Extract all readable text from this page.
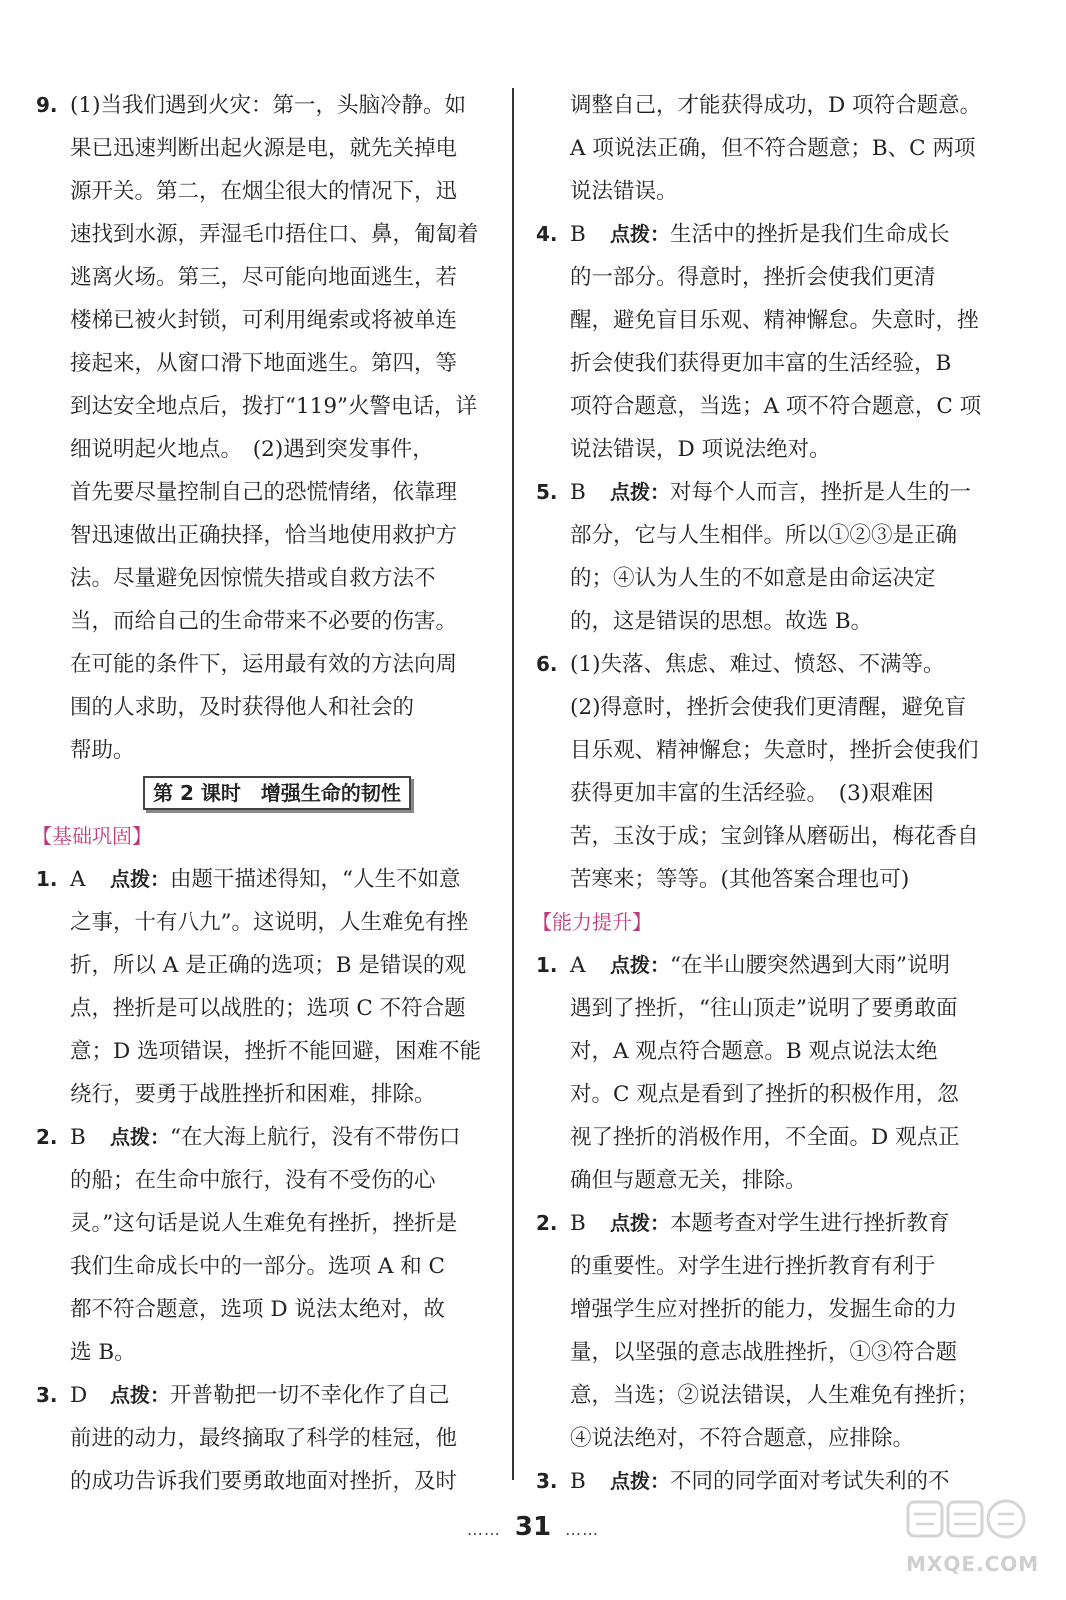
9. (1)当我们遇到火灾：第一，头脑冷静。如
果已迅速判断出起火源是电，就先关掉电
源开关。第二，在烟尘很大的情况下，迅
速找到水源，弄湿毛巾捂住口、鼻，匍匐着
逃离火场。第三，尽可能向地面逃生，若
楼梯已被火封锁，可利用绳索或将被单连
接起来，从窗口滑下地面逃生。第四，等
到达安全地点后，拨打“119”火警电话，详
细说明起火地点。　(2)遇到突发事件，
首先要尽量控制自己的恐慌情绪，依靠理
智迅速做出正确抉择，恰当地使用救护方
法。尽量避免因惊慌失措或自救方法不
当，而给自己的生命带来不必要的伤害。
在可能的条件下，运用最有效的方法向周
围的人求助，及时获得他人和社会的
帮助。
第 2 课时　增强生命的韧性
【基础巩固】
1. A 点拨：由题干描述得知，“人生不如意
之事，十有八九”。这说明，人生难免有挫
折，所以 A 是正确的选项；B 是错误的观
点，挫折是可以战胜的；选项 C 不符合题
意；D 选项错误，挫折不能回避，困难不能
绕行，要勇于战胜挫折和困难，排除。
2. B 点拨：“在大海上航行，没有不带伤口
的船；在生命中旅行，没有不受伤的心
灵。”这句话是说人生难免有挫折，挫折是
我们生命成长中的一部分。选项 A 和 C
都不符合题意，选项 D 说法太绝对，故
选 B。
3. D 点拨：开普勒把一切不幸化作了自己
前进的动力，最终摘取了科学的桂冠，他
的成功告诉我们要勇敢地面对挫折，及时
调整自己，才能获得成功，D 项符合题意。
A 项说法正确，但不符合题意；B、C 两项
说法错误。
4. B 点拨：生活中的挫折是我们生命成长
的一部分。得意时，挫折会使我们更清
醒，避免盲目乐观、精神懈怠。失意时，挫
折会使我们获得更加丰富的生活经验，B
项符合题意，当选；A 项不符合题意，C 项
说法错误，D 项说法绝对。
5. B 点拨：对每个人而言，挫折是人生的一
部分，它与人生相伴。所以①②③是正确
的；④认为人生的不如意是由命运决定
的，这是错误的思想。故选 B。
6. (1)失落、焦虑、难过、愤怒、不满等。
(2)得意时，挫折会使我们更清醒，避免盲
目乐观、精神懈怠；失意时，挫折会使我们
获得更加丰富的生活经验。　(3)艰难困
苦，玉汝于成；宝剑锋从磨砺出，梅花香自
苦寒来；等等。(其他答案合理也可)
【能力提升】
1. A 点拨：“在半山腰突然遇到大雨”说明
遇到了挫折，“往山顶走”说明了要勇敢面
对，A 观点符合题意。B 观点说法太绝
对。C 观点是看到了挫折的积极作用，忽
视了挫折的消极作用，不全面。D 观点正
确但与题意无关，排除。
2. B 点拨：本题考查对学生进行挫折教育
的重要性。对学生进行挫折教育有利于
增强学生应对挫折的能力，发掘生命的力
量，以坚强的意志战胜挫折，①③符合题
意，当选；②说法错误，人生难免有挫折；
④说法绝对，不符合题意，应排除。
3. B 点拨：不同的同学面对考试失利的不
…… 31 ……
MXQE.COM
